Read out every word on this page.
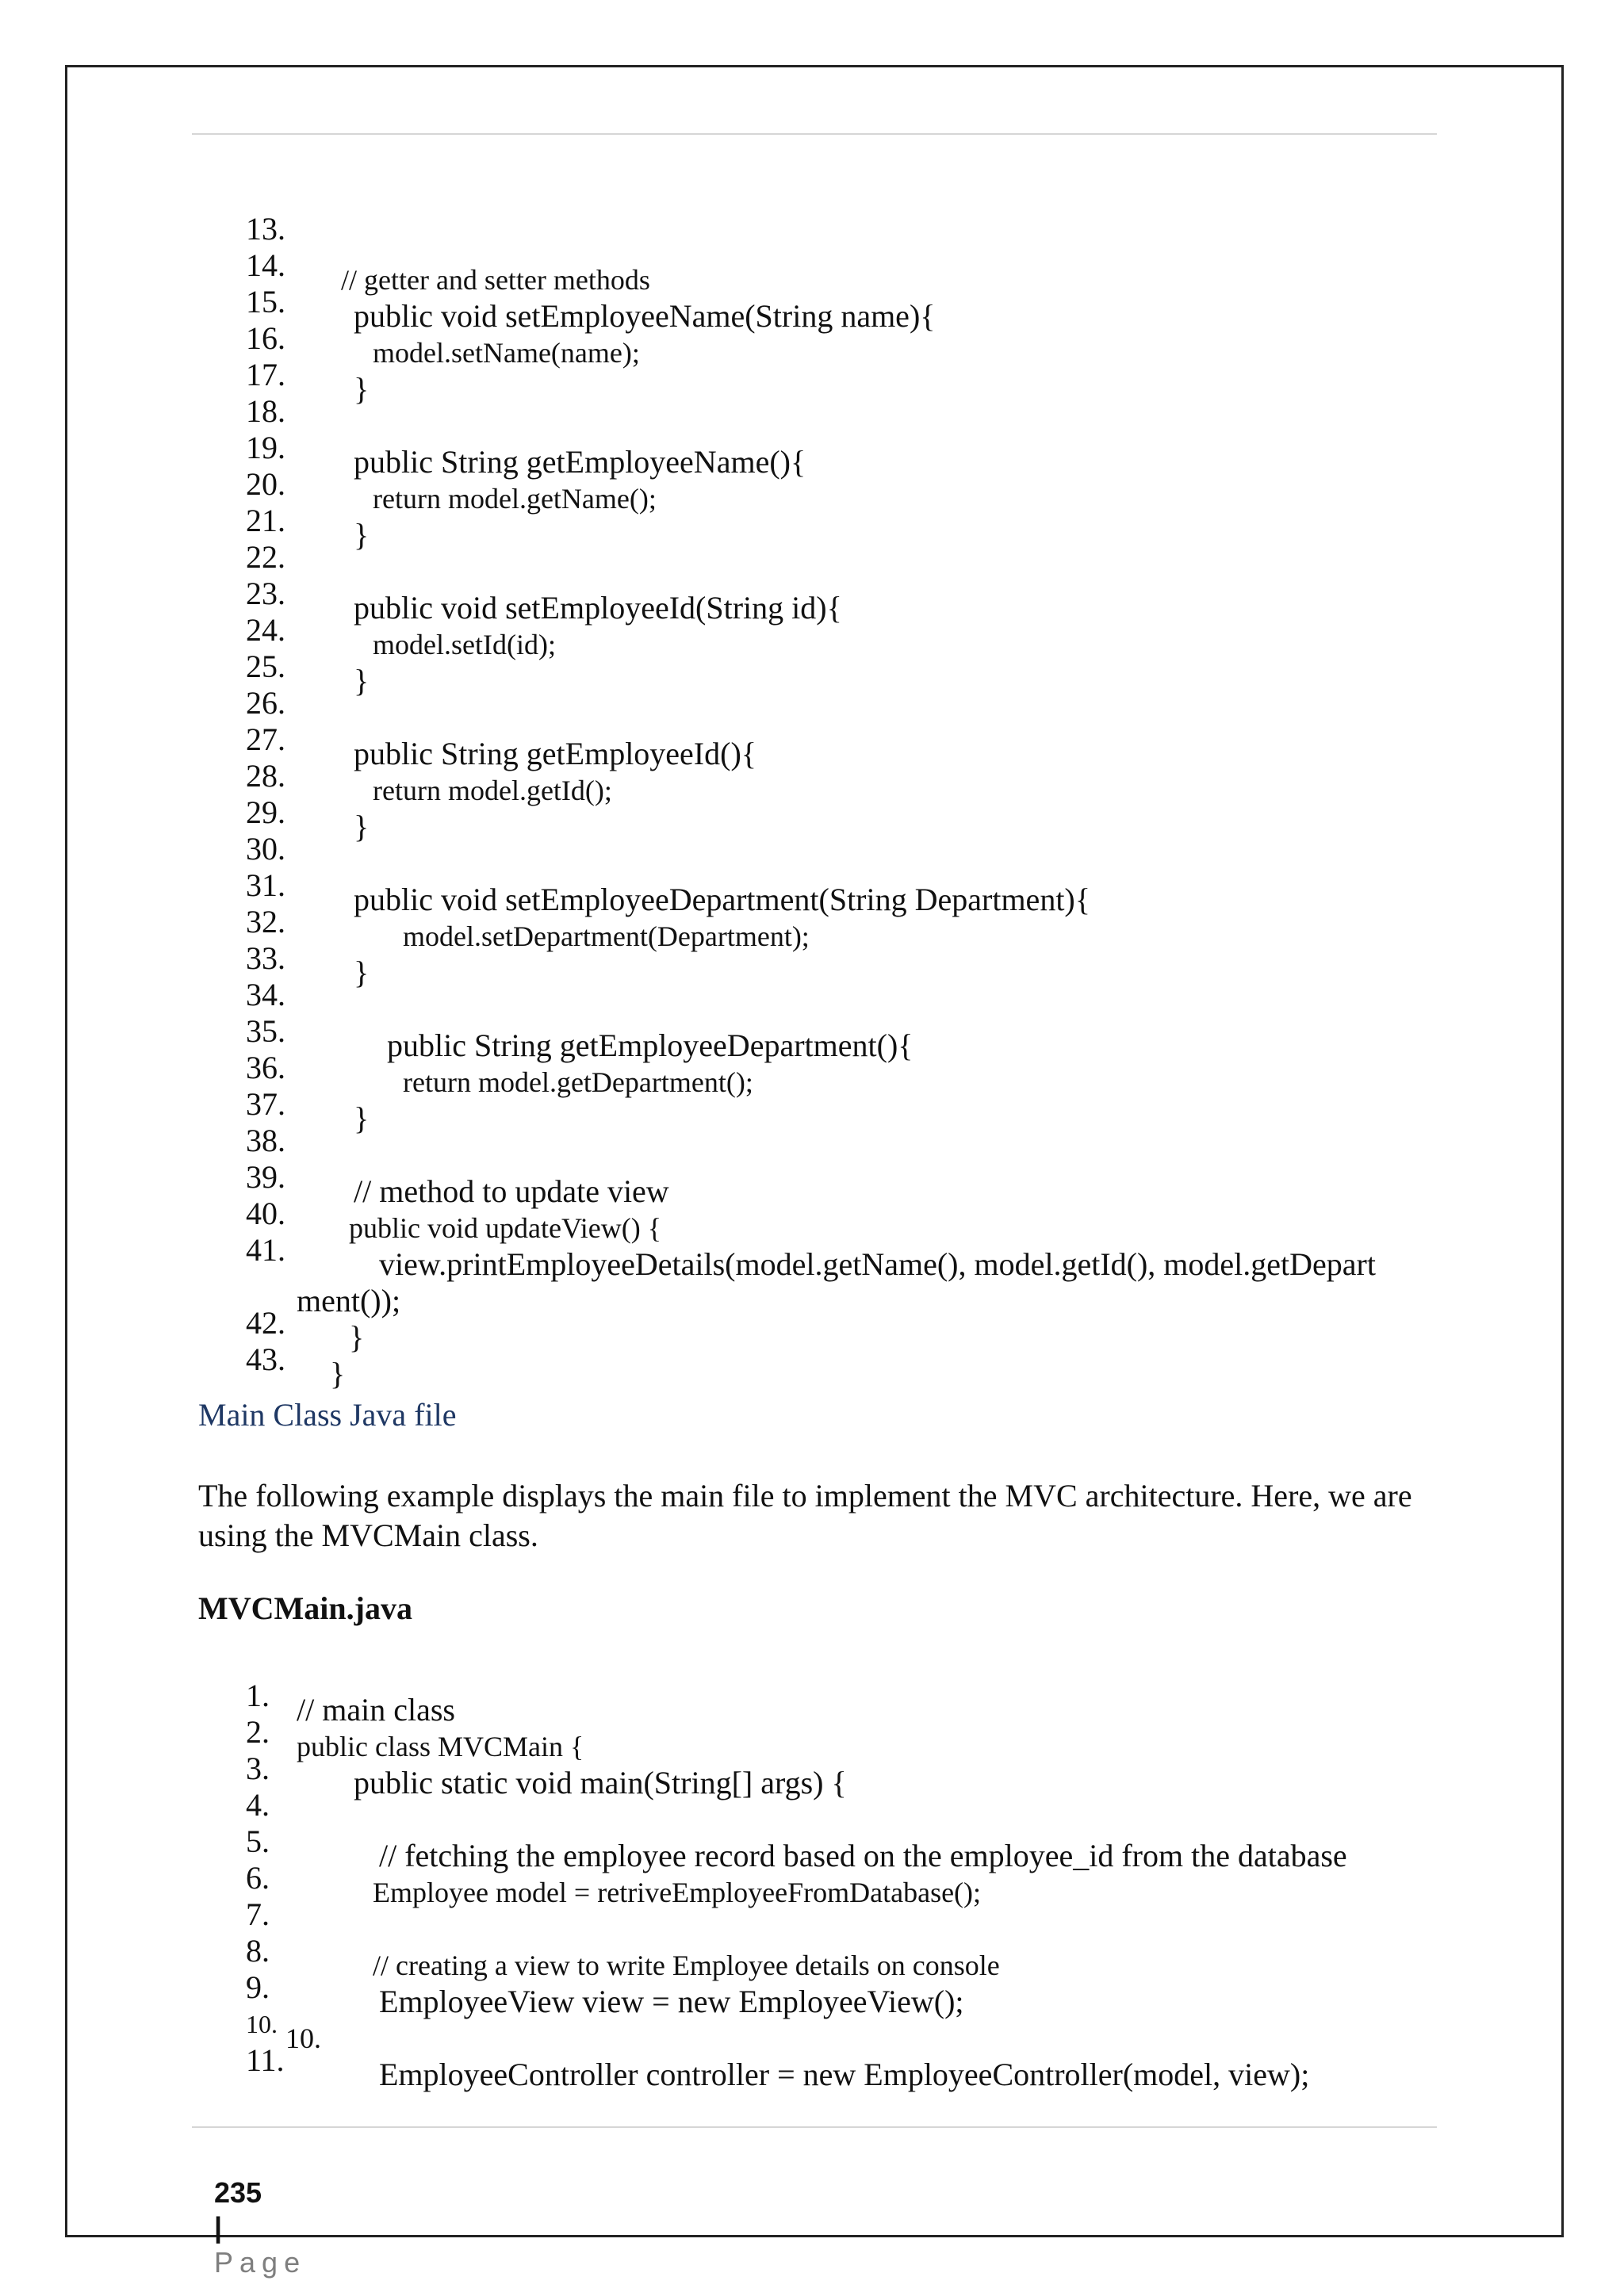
13.

14.

	// getter and setter methods

15.

	public void setEmployeeName(String name){

16.

	model.setName(name);

17.

	}

18.

19.

	public String getEmployeeName(){

20.

	return model.getName();

21.

	}

22.

23.

	public void setEmployeeId(String id){

24.

	model.setId(id);

25.

	}

26.

27.

	public String getEmployeeId(){

28.

	return model.getId();

29.

	}

30.

31.

	public void setEmployeeDepartment(String Department){

32.

	model.setDepartment(Department);

33.

	}

34.

35.

	public String getEmployeeDepartment(){

36.

	return model.getDepartment();

37.

	}

38.

39.

	// method to update view

40.

	public void updateView() {

41.

	view.printEmployeeDetails(model.getName(), model.getId(), model.getDepart

ment());

42.

	}

43.

	}

Main Class Java file
The following example displays the main file to implement the MVC architecture. Here, we are using the MVCMain class.
MVCMain.java

1.

// main class

2.

public class MVCMain {

3.

	public static void main(String[] args) {

4.

5.

	// fetching the employee record based on the employee_id from the database

6.

	Employee model = retriveEmployeeFromDatabase();

7.

8.

	// creating a view to write Employee details on console

9.

	EmployeeView view = new EmployeeView();

10.

10.

11.

	EmployeeController controller = new EmployeeController(model, view);

235
|
Page
